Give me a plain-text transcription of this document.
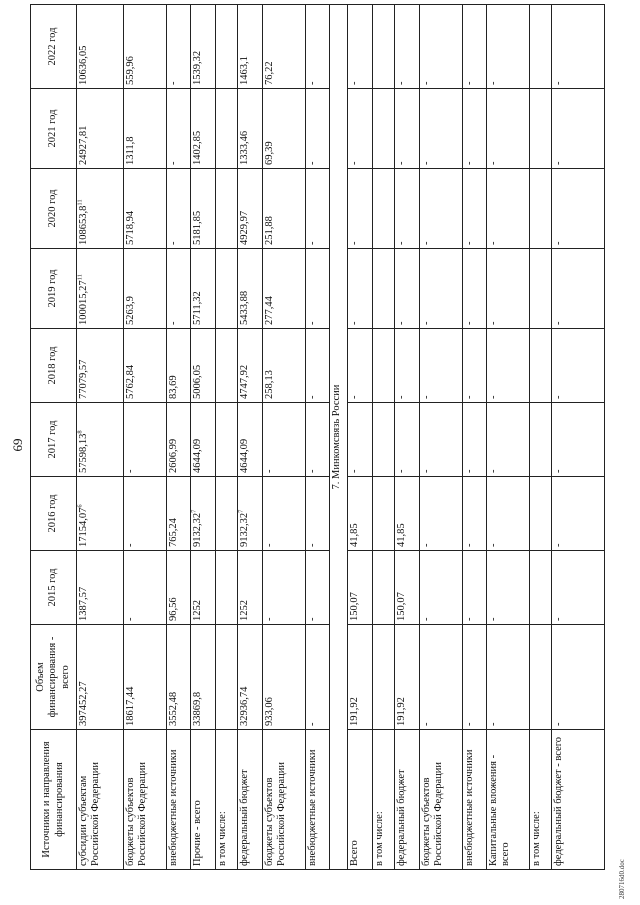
69
Источники и направления финансирования	Объем финансирования - всего	2015 год	2016 год	2017 год	2018 год	2019 год	2020 год	2021 год	2022 год
субсидии субъектам Российской Федерации	397452,27	1387,57	17154,07$^6$	57598,13$^8$	77079,57	100015,27$^{11}$	108653,8$^{11}$	24927,81	10636,05
бюджеты субъектов Российской Федерации	18617,44	-	-	-	5762,84	5263,9	5718,94	1311,8	559,96
внебюджетные источники	3552,48	96,56	765,24	2606,99	83,69	-	-	-	-
Прочие - всего	33869,8	1252	9132,32$^7$	4644,09	5006,05	5711,32	5181,85	1402,85	1539,32
в том числе:									
федеральный бюджет	32936,74	1252	9132,32$^7$	4644,09	4747,92	5433,88	4929,97	1333,46	1463,1
бюджеты субъектов Российской Федерации	933,06	-	-	-	258,13	277,44	251,88	69,39	76,22
внебюджетные источники	-	-	-	-	-	-	-	-	-
7. Минкомсвязь России									
Всего	191,92	150,07	41,85	-	-	-	-	-	-
в том числе:									
федеральный бюджет	191,92	150,07	41,85	-	-	-	-	-	-
бюджеты субъектов Российской Федерации	-	-	-	-	-	-	-	-	-
внебюджетные источники	-	-	-	-	-	-	-	-	-
Капитальные вложения - всего	-	-	-	-	-	-	-	-	-
в том числе:									
федеральный бюджет - всего	-	-	-	-	-	-	-	-	-
280716d0.doc
